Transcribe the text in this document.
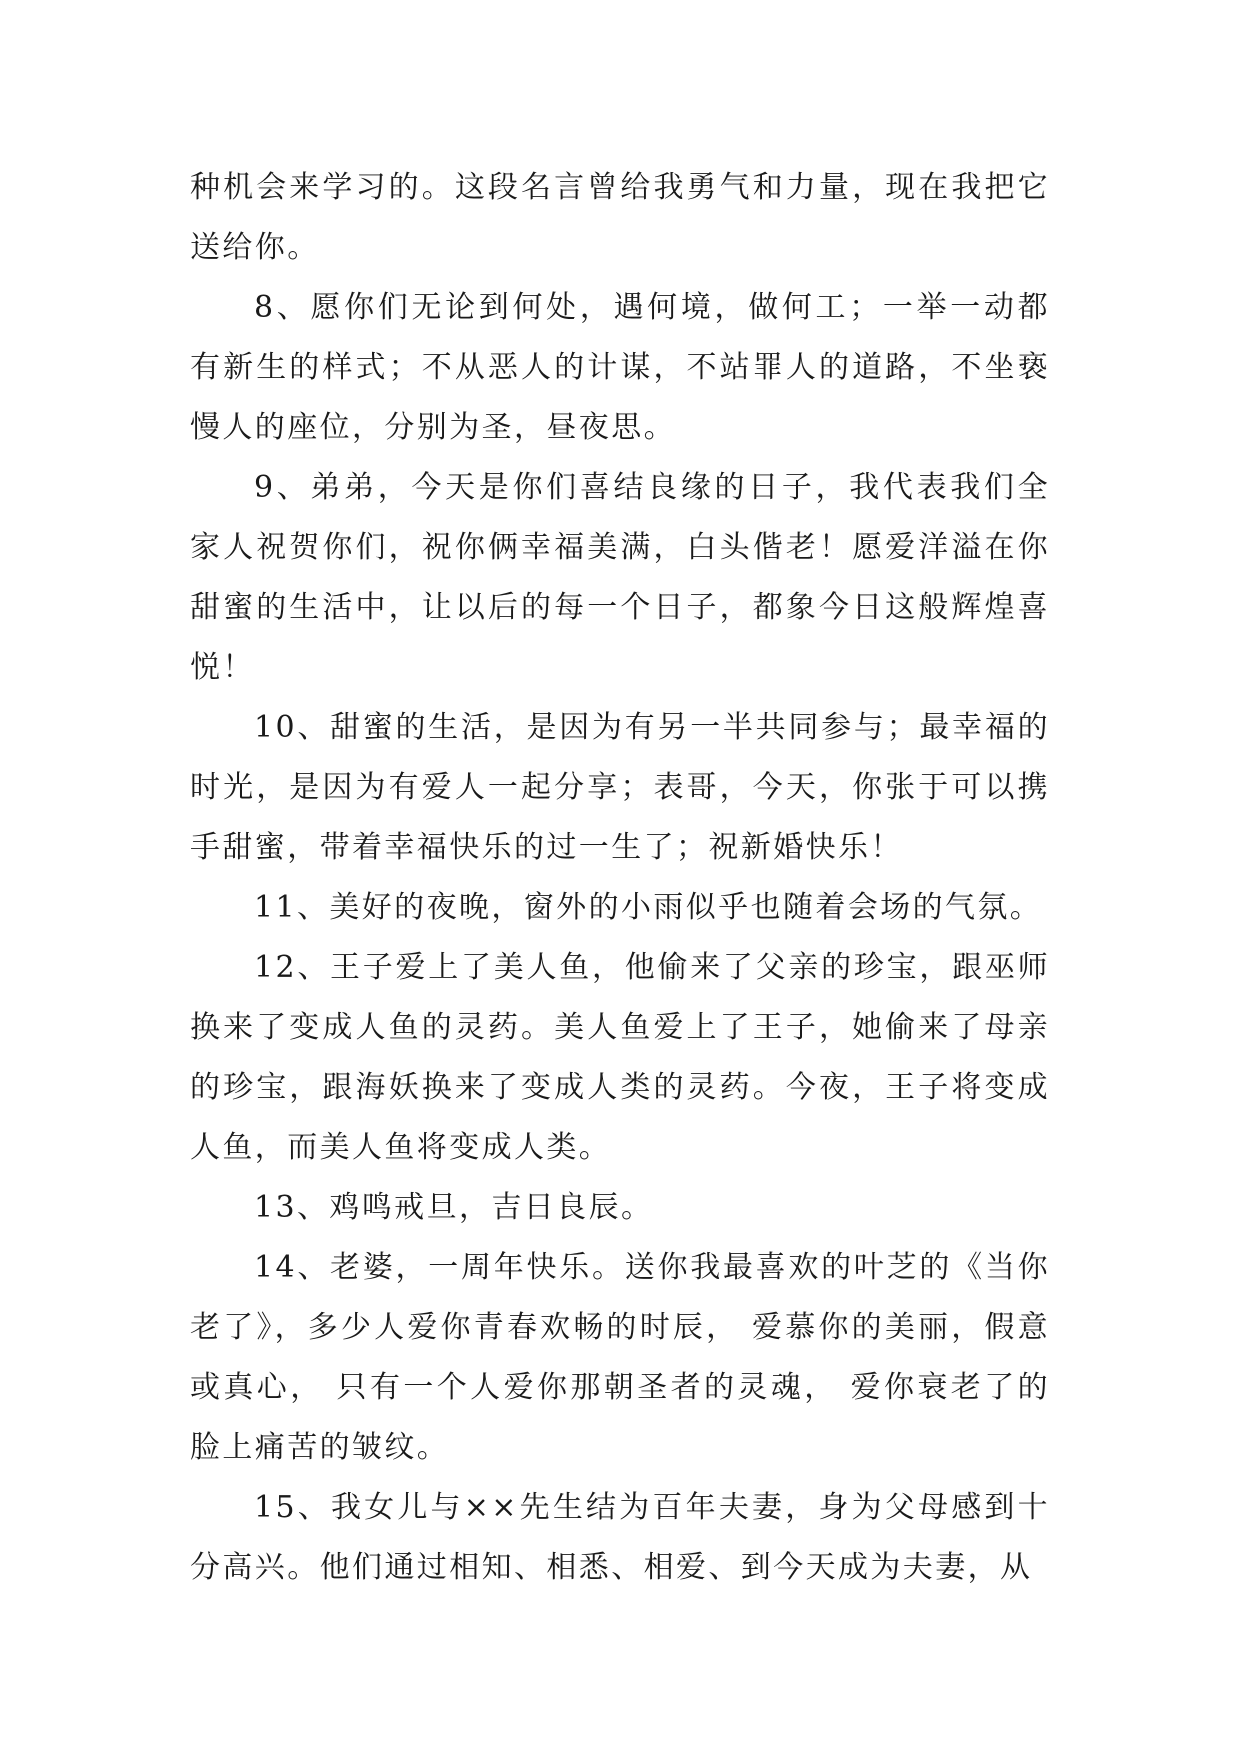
种机会来学习的。这段名言曾给我勇气和力量，现在我把它送给你。

8、愿你们无论到何处，遇何境，做何工；一举一动都有新生的样式；不从恶人的计谋，不站罪人的道路，不坐亵慢人的座位，分别为圣，昼夜思。

9、弟弟，今天是你们喜结良缘的日子，我代表我们全家人祝贺你们，祝你俩幸福美满，白头偕老！愿爱洋溢在你甜蜜的生活中，让以后的每一个日子，都象今日这般辉煌喜悦！

10、甜蜜的生活，是因为有另一半共同参与；最幸福的时光，是因为有爱人一起分享；表哥，今天，你张于可以携手甜蜜，带着幸福快乐的过一生了；祝新婚快乐！

11、美好的夜晚，窗外的小雨似乎也随着会场的气氛。

12、王子爱上了美人鱼，他偷来了父亲的珍宝，跟巫师换来了变成人鱼的灵药。美人鱼爱上了王子，她偷来了母亲的珍宝，跟海妖换来了变成人类的灵药。今夜，王子将变成人鱼，而美人鱼将变成人类。

13、鸡鸣戒旦，吉日良辰。

14、老婆，一周年快乐。送你我最喜欢的叶芝的《当你老了》，多少人爱你青春欢畅的时辰， 爱慕你的美丽，假意或真心， 只有一个人爱你那朝圣者的灵魂， 爱你衰老了的脸上痛苦的皱纹。

15、我女儿与××先生结为百年夫妻，身为父母感到十分高兴。他们通过相知、相悉、相爱、到今天成为夫妻，从
